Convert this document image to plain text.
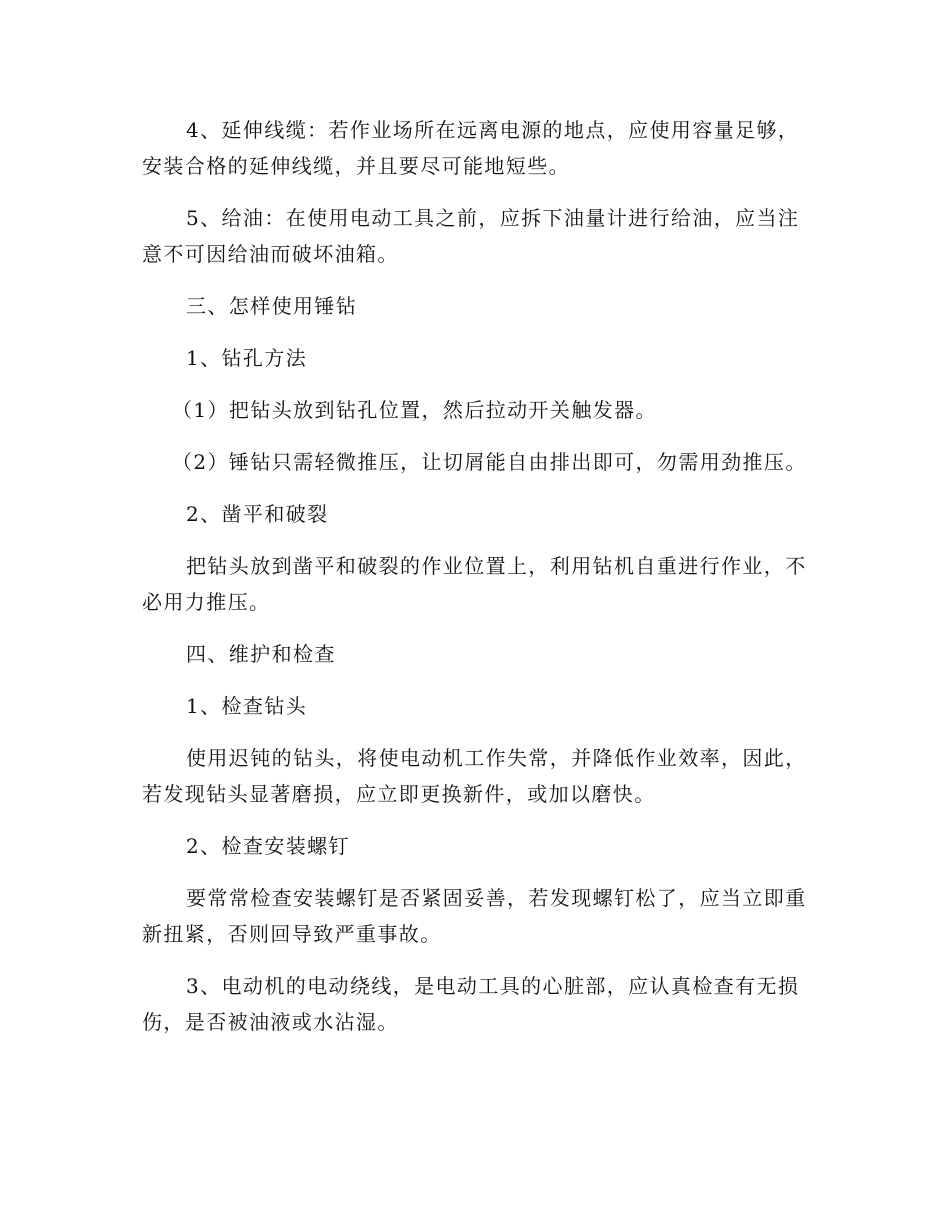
4、延伸线缆：若作业场所在远离电源的地点，应使用容量足够，安装合格的延伸线缆，并且要尽可能地短些。

5、给油：在使用电动工具之前，应拆下油量计进行给油，应当注意不可因给油而破坏油箱。

三、怎样使用锤钻

1、钻孔方法

（1）把钻头放到钻孔位置，然后拉动开关触发器。

（2）锤钻只需轻微推压，让切屑能自由排出即可，勿需用劲推压。

2、凿平和破裂

把钻头放到凿平和破裂的作业位置上，利用钻机自重进行作业，不必用力推压。

四、维护和检查

1、检查钻头

使用迟钝的钻头，将使电动机工作失常，并降低作业效率，因此，若发现钻头显著磨损，应立即更换新件，或加以磨快。

2、检查安装螺钉

要常常检查安装螺钉是否紧固妥善，若发现螺钉松了，应当立即重新扭紧，否则回导致严重事故。

3、电动机的电动绕线，是电动工具的心脏部，应认真检查有无损伤，是否被油液或水沾湿。
